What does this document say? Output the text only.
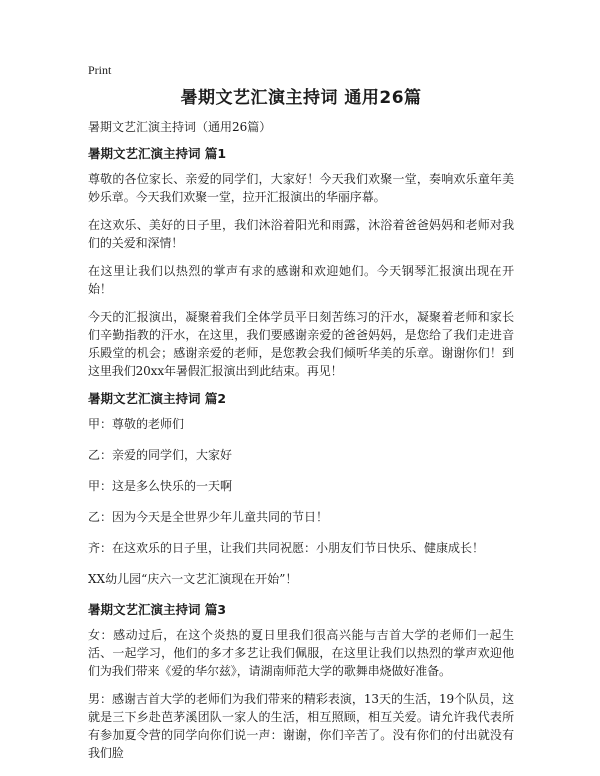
Print
暑期文艺汇演主持词 通用26篇
暑期文艺汇演主持词（通用26篇）
暑期文艺汇演主持词 篇1

尊敬的各位家长、亲爱的同学们，大家好！今天我们欢聚一堂，奏响欢乐童年美妙乐章。今天我们欢聚一堂，拉开汇报演出的华丽序幕。

在这欢乐、美好的日子里，我们沐浴着阳光和雨露，沐浴着爸爸妈妈和老师对我们的关爱和深情！

在这里让我们以热烈的掌声有求的感谢和欢迎她们。今天钢琴汇报演出现在开始！

今天的汇报演出，凝聚着我们全体学员平日刻苦练习的汗水，凝聚着老师和家长们辛勤指教的汗水，在这里，我们要感谢亲爱的爸爸妈妈，是您给了我们走进音乐殿堂的机会；感谢亲爱的老师，是您教会我们倾听华美的乐章。谢谢你们！到这里我们20xx年暑假汇报演出到此结束。再见！

暑期文艺汇演主持词 篇2

甲：尊敬的老师们

乙：亲爱的同学们，大家好

甲：这是多么快乐的一天啊

乙：因为今天是全世界少年儿童共同的节日！

齐：在这欢乐的日子里，让我们共同祝愿：小朋友们节日快乐、健康成长！

XX幼儿园“庆六一文艺汇演现在开始”！

暑期文艺汇演主持词 篇3

女：感动过后，在这个炎热的夏日里我们很高兴能与吉首大学的老师们一起生活、一起学习，他们的多才多艺让我们佩服，在这里让我们以热烈的掌声欢迎他们为我们带来《爱的华尔兹》，请湖南师范大学的歌舞串烧做好准备。

男：感谢吉首大学的老师们为我们带来的精彩表演，13天的生活，19个队员，这就是三下乡赴芭茅溪团队一家人的生活，相互照顾，相互关爱。请允许我代表所有参加夏令营的同学向你们说一声：谢谢，你们辛苦了。没有你们的付出就没有我们脸
